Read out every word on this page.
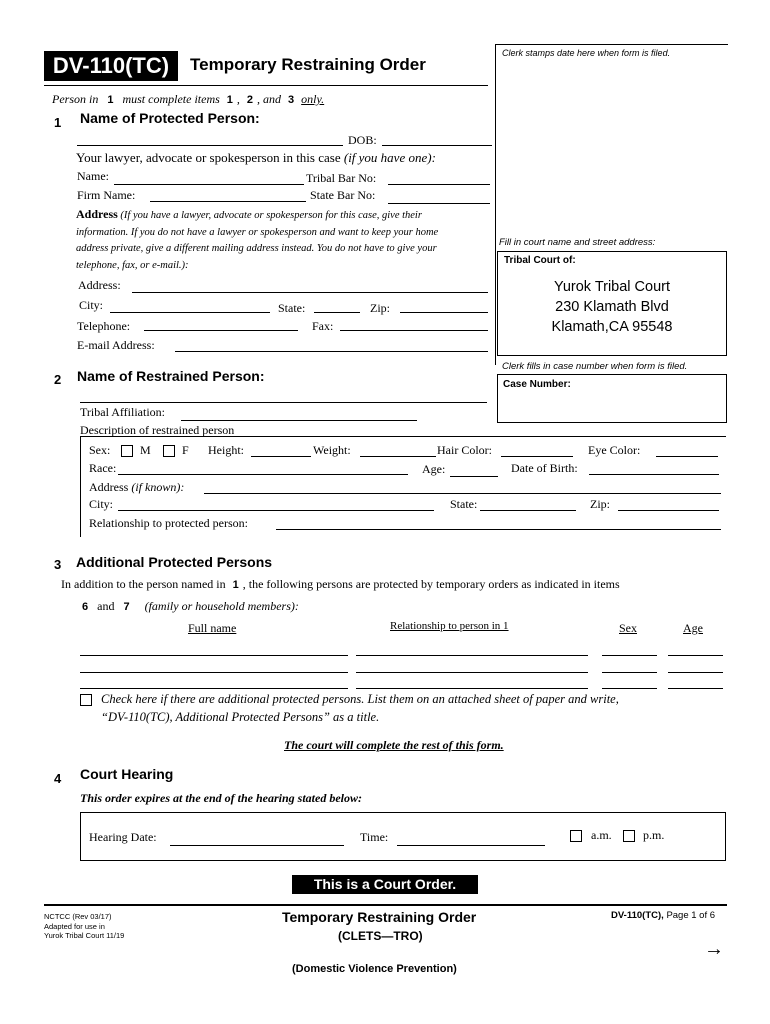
DV-110(TC)	Temporary Restraining Order
Clerk stamps date here when form is filed.
Person in 1 must complete items 1 , 2 , and 3 only.
1 Name of Protected Person:
DOB:
Your lawyer, advocate or spokesperson in this case (if you have one):
Name:	Tribal Bar No:
Firm Name:	State Bar No:
Address (If you have a lawyer, advocate or spokesperson for this case, give their
information. If you do not have a lawyer or spokesperson and want to keep your home
address private, give a different mailing address instead. You do not have to give your
telephone, fax, or e-mail.):
Address:
City:	State:	Zip:
Telephone:	Fax:
E-mail Address:
Fill in court name and street address:
Tribal Court of:
Yurok Tribal Court
230 Klamath Blvd
Klamath,CA 95548
Clerk fills in case number when form is filed.
Case Number:
2 Name of Restrained Person:
Tribal Affiliation:
Description of restrained person
Sex: M	F Height:	Weight:	Hair Color:	Eye Color:
Race:	Age:	Date of Birth:
Address (if known):
City:	State:	Zip:
Relationship to protected person:
3 Additional Protected Persons
In addition to the person named in 1 , the following persons are protected by temporary orders as indicated in items
6 and 7 (family or household members):
Full name	Relationship to person in 1	Sex	Age
Check here if there are additional protected persons. List them on an attached sheet of paper and write,
“DV-110(TC), Additional Protected Persons” as a title.
The court will complete the rest of this form.
4 Court Hearing
This order expires at the end of the hearing stated below:
Hearing Date:	Time:	a.m.	p.m.
This is a Court Order.
NCTCC (Rev 03/17)
Adapted for use in
Yurok Tribal Court 11/19
Temporary Restraining Order
(CLETS—TRO)
(Domestic Violence Prevention)
DV-110(TC), Page 1 of 6
→
